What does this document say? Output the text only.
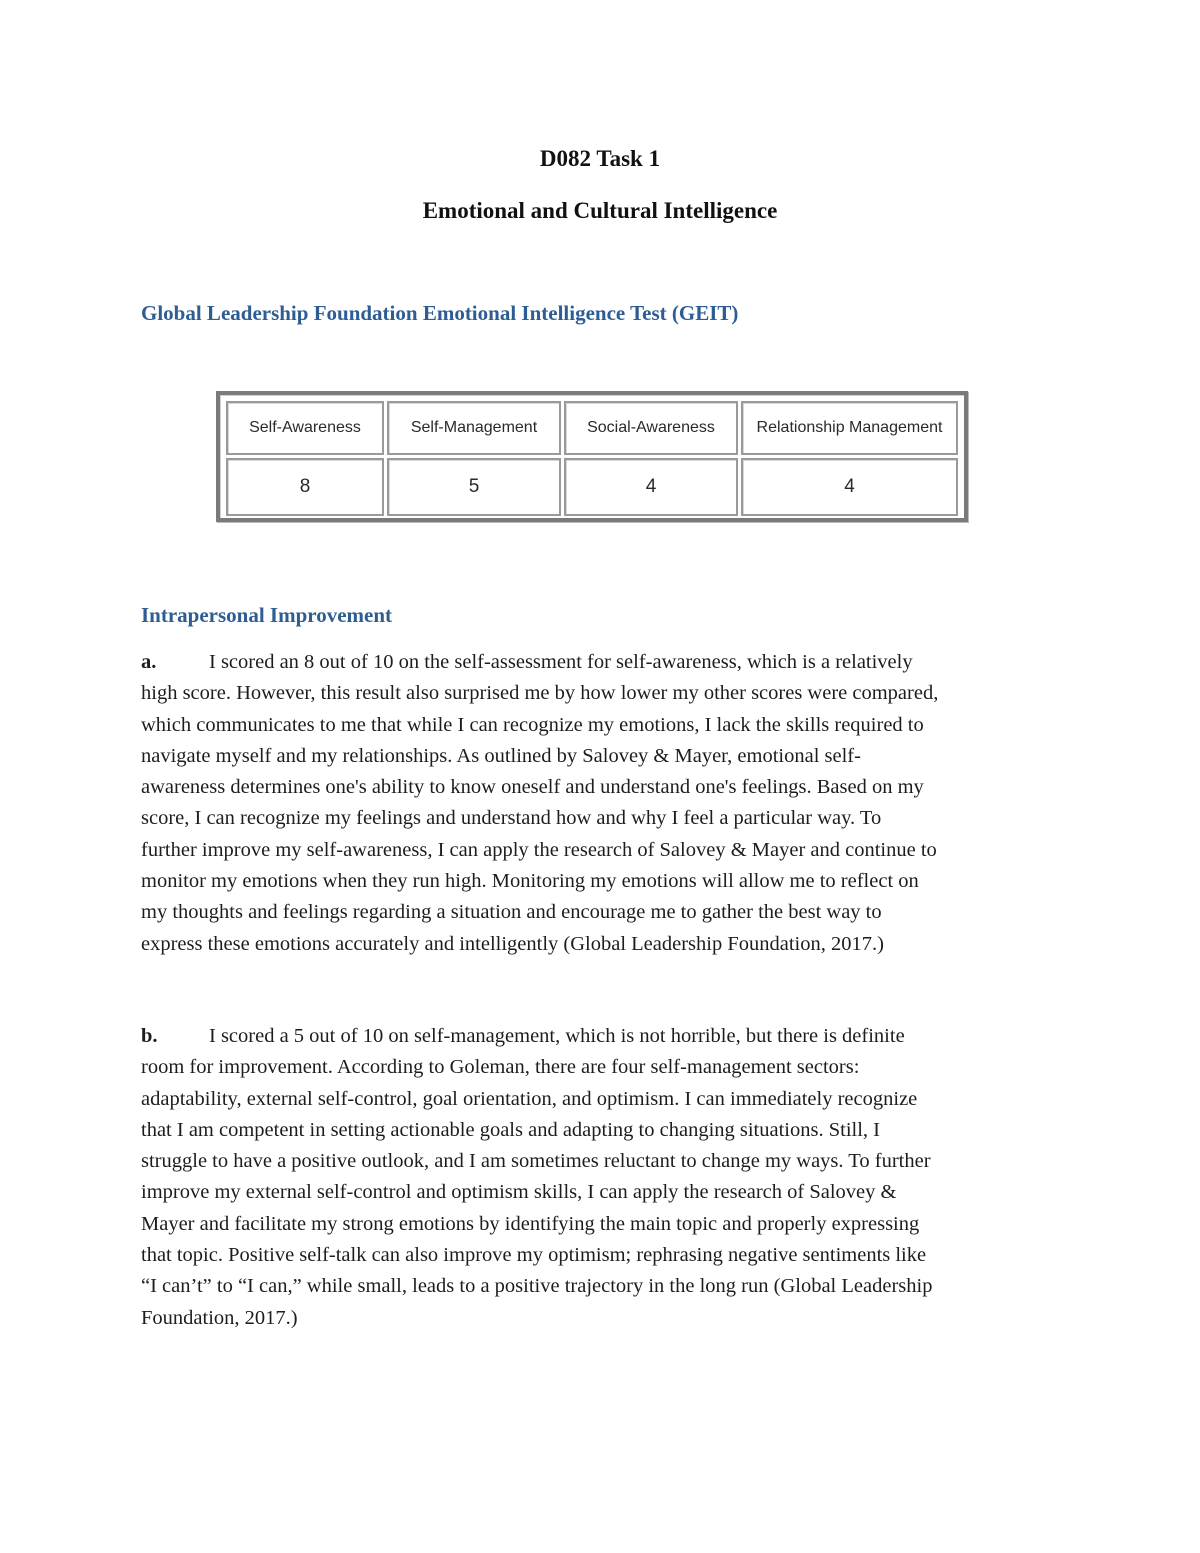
D082 Task 1
Emotional and Cultural Intelligence
Global Leadership Foundation Emotional Intelligence Test (GEIT)
Self-Awareness	Self-Management	Social-Awareness	Relationship Management
8	5	4	4
Intrapersonal Improvement
a.	I scored an 8 out of 10 on the self-assessment for self-awareness, which is a relatively
high score. However, this result also surprised me by how lower my other scores were compared,
which communicates to me that while I can recognize my emotions, I lack the skills required to
navigate myself and my relationships. As outlined by Salovey & Mayer, emotional self-
awareness determines one's ability to know oneself and understand one's feelings. Based on my
score, I can recognize my feelings and understand how and why I feel a particular way. To
further improve my self-awareness, I can apply the research of Salovey & Mayer and continue to
monitor my emotions when they run high. Monitoring my emotions will allow me to reflect on
my thoughts and feelings regarding a situation and encourage me to gather the best way to
express these emotions accurately and intelligently (Global Leadership Foundation, 2017.)
b.	I scored a 5 out of 10 on self-management, which is not horrible, but there is definite
room for improvement. According to Goleman, there are four self-management sectors:
adaptability, external self-control, goal orientation, and optimism. I can immediately recognize
that I am competent in setting actionable goals and adapting to changing situations. Still, I
struggle to have a positive outlook, and I am sometimes reluctant to change my ways. To further
improve my external self-control and optimism skills, I can apply the research of Salovey &
Mayer and facilitate my strong emotions by identifying the main topic and properly expressing
that topic. Positive self-talk can also improve my optimism; rephrasing negative sentiments like
“I can’t” to “I can,” while small, leads to a positive trajectory in the long run (Global Leadership
Foundation, 2017.)
